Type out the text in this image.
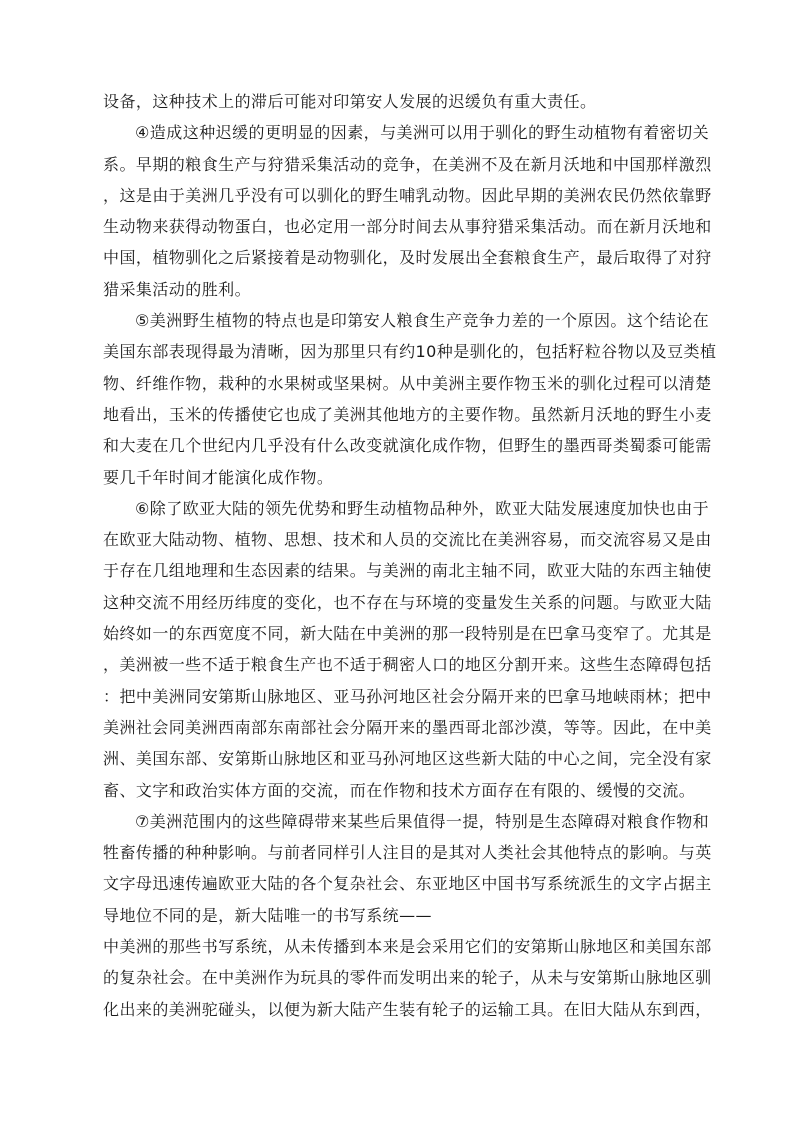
设备，这种技术上的滞后可能对印第安人发展的迟缓负有重大责任。
④造成这种迟缓的更明显的因素，与美洲可以用于驯化的野生动植物有着密切关
系。早期的粮食生产与狩猎采集活动的竞争，在美洲不及在新月沃地和中国那样激烈
，这是由于美洲几乎没有可以驯化的野生哺乳动物。因此早期的美洲农民仍然依靠野
生动物来获得动物蛋白，也必定用一部分时间去从事狩猎采集活动。而在新月沃地和
中国，植物驯化之后紧接着是动物驯化，及时发展出全套粮食生产，最后取得了对狩
猎采集活动的胜利。
⑤美洲野生植物的特点也是印第安人粮食生产竞争力差的一个原因。这个结论在
美国东部表现得最为清晰，因为那里只有约10种是驯化的，包括籽粒谷物以及豆类植
物、纤维作物，栽种的水果树或坚果树。从中美洲主要作物玉米的驯化过程可以清楚
地看出，玉米的传播使它也成了美洲其他地方的主要作物。虽然新月沃地的野生小麦
和大麦在几个世纪内几乎没有什么改变就演化成作物，但野生的墨西哥类蜀黍可能需
要几千年时间才能演化成作物。
⑥除了欧亚大陆的领先优势和野生动植物品种外，欧亚大陆发展速度加快也由于
在欧亚大陆动物、植物、思想、技术和人员的交流比在美洲容易，而交流容易又是由
于存在几组地理和生态因素的结果。与美洲的南北主轴不同，欧亚大陆的东西主轴使
这种交流不用经历纬度的变化，也不存在与环境的变量发生关系的问题。与欧亚大陆
始终如一的东西宽度不同，新大陆在中美洲的那一段特别是在巴拿马变窄了。尤其是
，美洲被一些不适于粮食生产也不适于稠密人口的地区分割开来。这些生态障碍包括
：把中美洲同安第斯山脉地区、亚马孙河地区社会分隔开来的巴拿马地峡雨林；把中
美洲社会同美洲西南部东南部社会分隔开来的墨西哥北部沙漠，等等。因此，在中美
洲、美国东部、安第斯山脉地区和亚马孙河地区这些新大陆的中心之间，完全没有家
畜、文字和政治实体方面的交流，而在作物和技术方面存在有限的、缓慢的交流。
⑦美洲范围内的这些障碍带来某些后果值得一提，特别是生态障碍对粮食作物和
牲畜传播的种种影响。与前者同样引人注目的是其对人类社会其他特点的影响。与英
文字母迅速传遍欧亚大陆的各个复杂社会、东亚地区中国书写系统派生的文字占据主
导地位不同的是，新大陆唯一的书写系统——
中美洲的那些书写系统，从未传播到本来是会采用它们的安第斯山脉地区和美国东部
的复杂社会。在中美洲作为玩具的零件而发明出来的轮子，从未与安第斯山脉地区驯
化出来的美洲驼碰头，以便为新大陆产生装有轮子的运输工具。在旧大陆从东到西，
